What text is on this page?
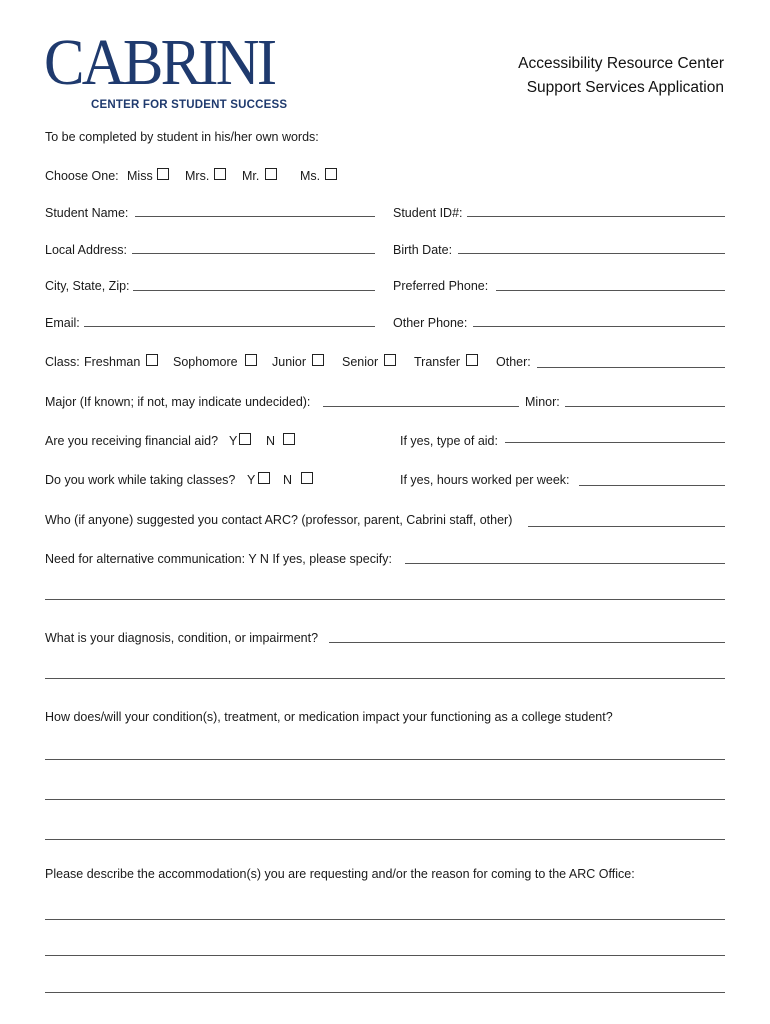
CABRINI
CENTER FOR STUDENT SUCCESS
Accessibility Resource Center
Support Services Application
To be completed by student in his/her own words:
Choose One: Miss	Mrs.	Mr.	Ms.
Student Name:	Student ID#:
Local Address:	Birth Date:
City, State, Zip:	Preferred Phone:
Email:	Other Phone:
Class: Freshman	Sophomore	Junior	Senior	Transfer	Other:
Major (If known; if not, may indicate undecided):	Minor:
Are you receiving financial aid? Y N	If yes, type of aid:
Do you work while taking classes? Y N	If yes, hours worked per week:
Who (if anyone) suggested you contact ARC? (professor, parent, Cabrini staff, other)
Need for alternative communication: Y N If yes, please specify:
What is your diagnosis, condition, or impairment?
How does/will your condition(s), treatment, or medication impact your functioning as a college student?
Please describe the accommodation(s) you are requesting and/or the reason for coming to the ARC Office:
